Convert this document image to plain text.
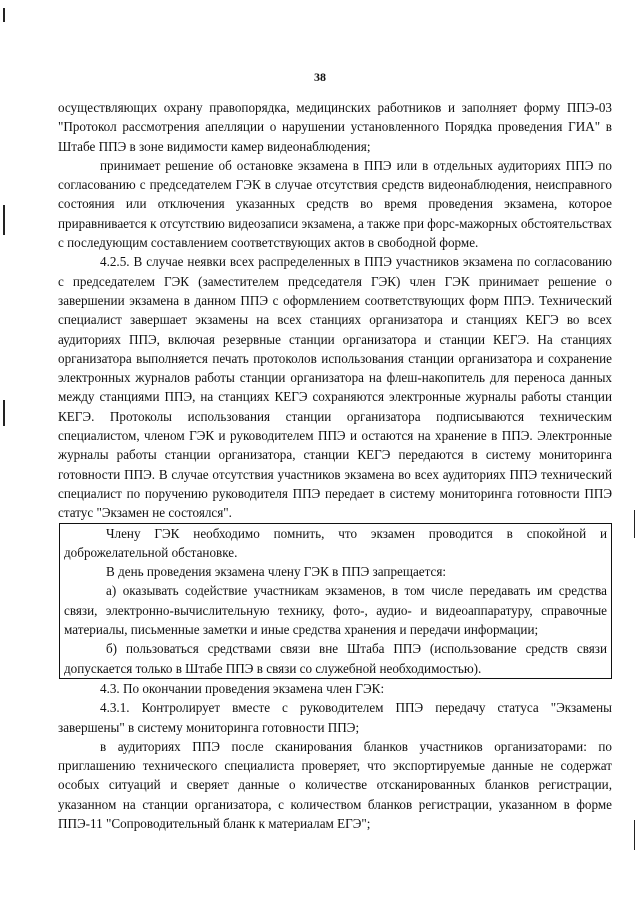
38

осуществляющих охрану правопорядка, медицинских работников и заполняет форму ППЭ-03 "Протокол рассмотрения апелляции о нарушении установленного Порядка проведения ГИА" в Штабе ППЭ в зоне видимости камер видеонаблюдения;

принимает решение об остановке экзамена в ППЭ или в отдельных аудиториях ППЭ по согласованию с председателем ГЭК в случае отсутствия средств видеонаблюдения, неисправного состояния или отключения указанных средств во время проведения экзамена, которое приравнивается к отсутствию видеозаписи экзамена, а также при форс-мажорных обстоятельствах с последующим составлением соответствующих актов в свободной форме.

4.2.5. В случае неявки всех распределенных в ППЭ участников экзамена по согласованию с председателем ГЭК (заместителем председателя ГЭК) член ГЭК принимает решение о завершении экзамена в данном ППЭ с оформлением соответствующих форм ППЭ. Технический специалист завершает экзамены на всех станциях организатора и станциях КЕГЭ во всех аудиториях ППЭ, включая резервные станции организатора и станции КЕГЭ. На станциях организатора выполняется печать протоколов использования станции организатора и сохранение электронных журналов работы станции организатора на флеш-накопитель для переноса данных между станциями ППЭ, на станциях КЕГЭ сохраняются электронные журналы работы станции КЕГЭ. Протоколы использования станции организатора подписываются техническим специалистом, членом ГЭК и руководителем ППЭ и остаются на хранение в ППЭ. Электронные журналы работы станции организатора, станции КЕГЭ передаются в систему мониторинга готовности ППЭ. В случае отсутствия участников экзамена во всех аудиториях ППЭ технический специалист по поручению руководителя ППЭ передает в систему мониторинга готовности ППЭ статус "Экзамен не состоялся".

Члену ГЭК необходимо помнить, что экзамен проводится в спокойной и доброжелательной обстановке.

В день проведения экзамена члену ГЭК в ППЭ запрещается:

а) оказывать содействие участникам экзаменов, в том числе передавать им средства связи, электронно-вычислительную технику, фото-, аудио- и видеоаппаратуру, справочные материалы, письменные заметки и иные средства хранения и передачи информации;

б) пользоваться средствами связи вне Штаба ППЭ (использование средств связи допускается только в Штабе ППЭ в связи со служебной необходимостью).

4.3. По окончании проведения экзамена член ГЭК:

4.3.1. Контролирует вместе с руководителем ППЭ передачу статуса "Экзамены завершены" в систему мониторинга готовности ППЭ;

в аудиториях ППЭ после сканирования бланков участников организаторами: по приглашению технического специалиста проверяет, что экспортируемые данные не содержат особых ситуаций и сверяет данные о количестве отсканированных бланков регистрации, указанном на станции организатора, с количеством бланков регистрации, указанном в форме ППЭ-11 "Сопроводительный бланк к материалам ЕГЭ";
